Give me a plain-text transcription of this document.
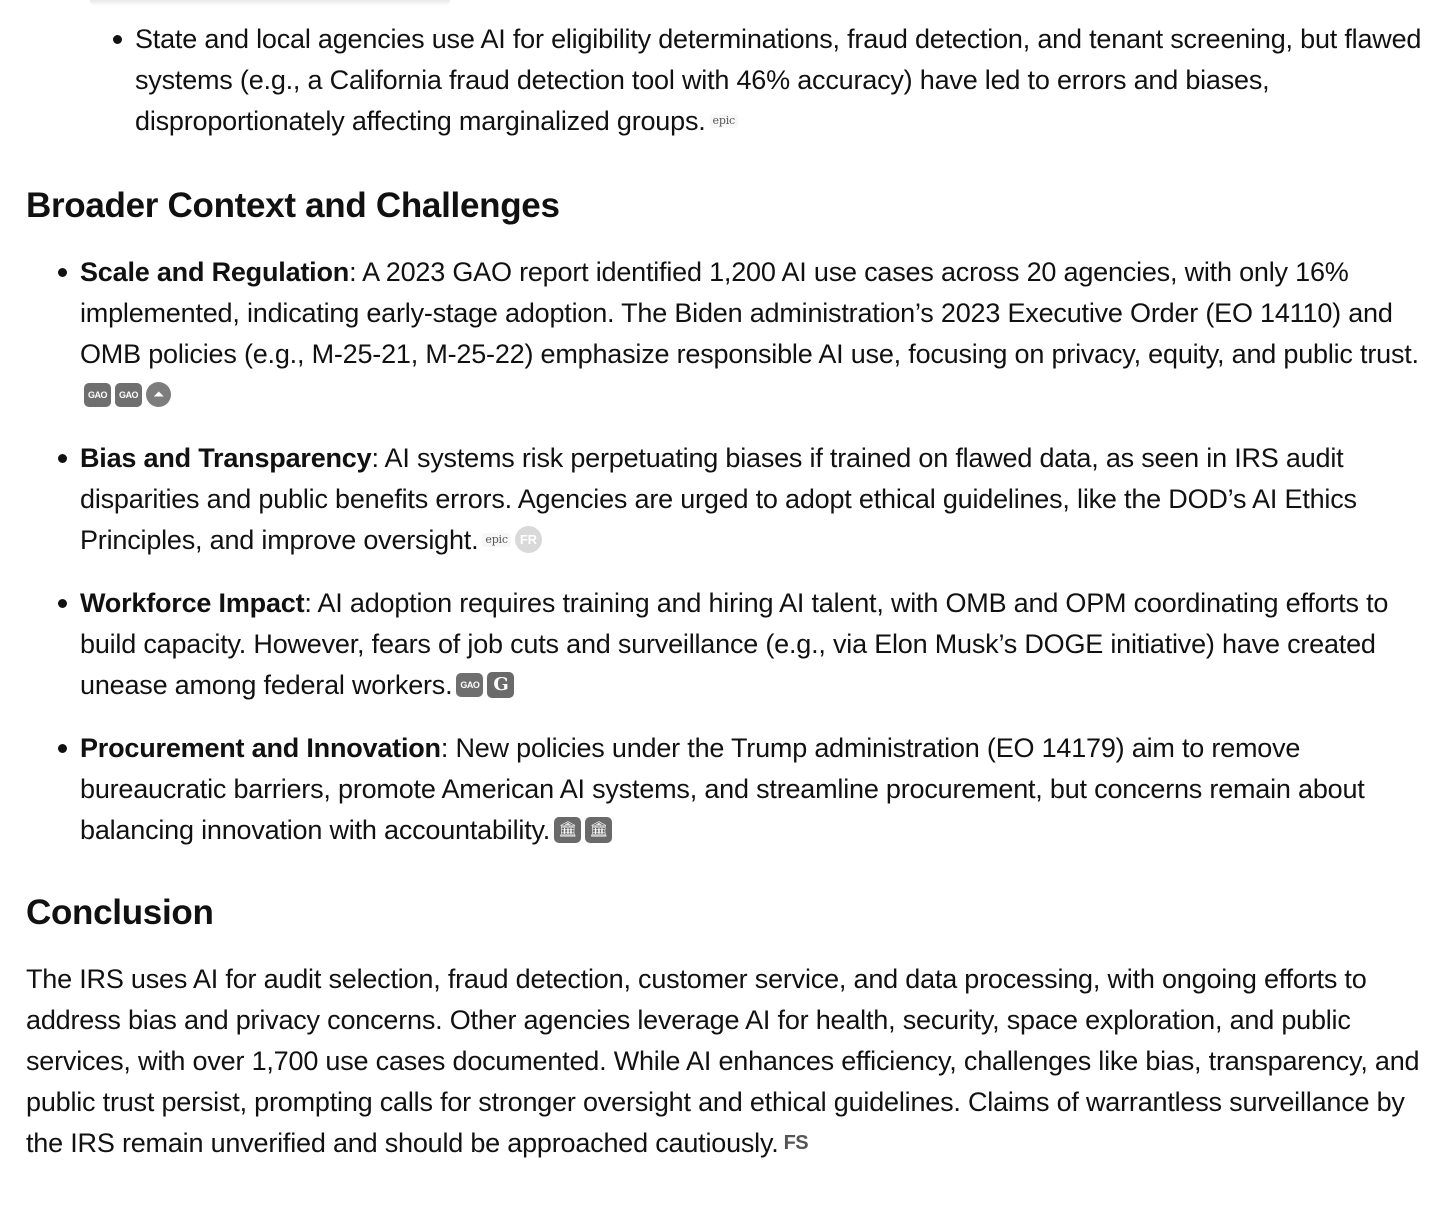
State and local agencies use AI for eligibility determinations, fraud detection, and tenant screening, but flawed systems (e.g., a California fraud detection tool with 46% accuracy) have led to errors and biases, disproportionately affecting marginalized groups. epic
Broader Context and Challenges
Scale and Regulation: A 2023 GAO report identified 1,200 AI use cases across 20 agencies, with only 16% implemented, indicating early-stage adoption. The Biden administration’s 2023 Executive Order (EO 14110) and OMB policies (e.g., M-25-21, M-25-22) emphasize responsible AI use, focusing on privacy, equity, and public trust.GAO GAO ⏶
Bias and Transparency: AI systems risk perpetuating biases if trained on flawed data, as seen in IRS audit disparities and public benefits errors. Agencies are urged to adopt ethical guidelines, like the DOD’s AI Ethics Principles, and improve oversight. epic FR
Workforce Impact: AI adoption requires training and hiring AI talent, with OMB and OPM coordinating efforts to build capacity. However, fears of job cuts and surveillance (e.g., via Elon Musk’s DOGE initiative) have created unease among federal workers. GAO G
Procurement and Innovation: New policies under the Trump administration (EO 14179) aim to remove bureaucratic barriers, promote American AI systems, and streamline procurement, but concerns remain about balancing innovation with accountability. 🏛 🏛
Conclusion

The IRS uses AI for audit selection, fraud detection, customer service, and data processing, with ongoing efforts to address bias and privacy concerns. Other agencies leverage AI for health, security, space exploration, and public services, with over 1,700 use cases documented. While AI enhances efficiency, challenges like bias, transparency, and public trust persist, prompting calls for stronger oversight and ethical guidelines. Claims of warrantless surveillance by the IRS remain unverified and should be approached cautiously. FS
